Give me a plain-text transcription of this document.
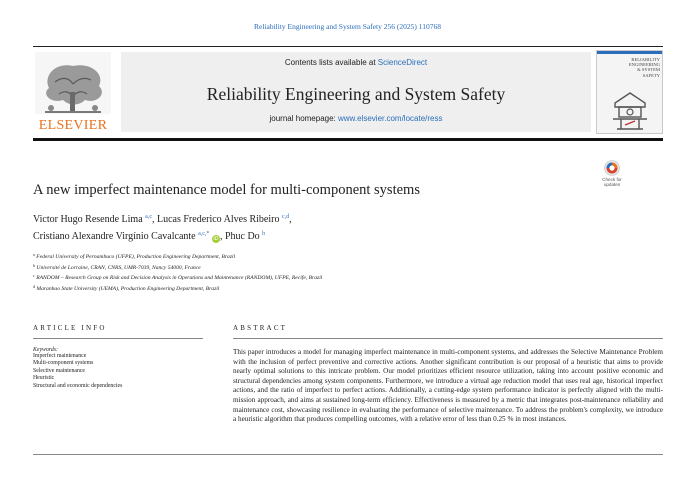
Reliability Engineering and System Safety 256 (2025) 110768
ELSEVIER
Contents lists available at ScienceDirect
Reliability Engineering and System Safety
journal homepage: www.elsevier.com/locate/ress
RELIABILITY
ENGINEERING
& SYSTEM
SAFETY
Check for
updates
A new imperfect maintenance model for multi-component systems
Victor Hugo Resende Lima $^{a,c}$, Lucas Frederico Alves Ribeiro $^{c,d}$,
Cristiano Alexandre Virgínio Cavalcante $^{a,c,*}$ iD, Phuc Do $^b$
$^a$ Federal University of Pernambuco (UFPE), Production Engineering Department, Brazil
$^b$ Université de Lorraine, CRAN, CNRS, UMR-7039, Nancy 54000, France
$^c$ RANDOM – Research Group on Risk and Decision Analysis in Operations and Maintenance (RANDOM), UFPE, Recife, Brazil
$^d$ Maranhao State University (UEMA), Production Engineering Department, Brazil
ARTICLE INFO
Keywords:
Imperfect maintenance
Multi-component systems
Selective maintenance
Heuristic
Structural and economic dependencies
ABSTRACT
This paper introduces a model for managing imperfect maintenance in multi-component systems, and addresses the Selective Maintenance Problem with the inclusion of perfect preventive and corrective actions. Another significant contribution is our proposal of a heuristic that aims to provide nearly optimal solutions to this intricate problem. Our model prioritizes efficient resource utilization, taking into account positive economic and structural dependencies among system components. Furthermore, we introduce a virtual age reduction model that uses real age, historical imperfect actions, and the ratio of imperfect to perfect actions. Additionally, a cutting-edge system performance indicator is perfectly aligned with the multi-mission approach, and aims at sustained long-term efficiency. Effectiveness is measured by a metric that integrates post-maintenance reliability and maintenance cost, showcasing resilience in evaluating the performance of selective maintenance. To address the problem's complexity, we introduce a heuristic algorithm that produces compelling outcomes, with a relative error of less than 0.25 % in most instances.
